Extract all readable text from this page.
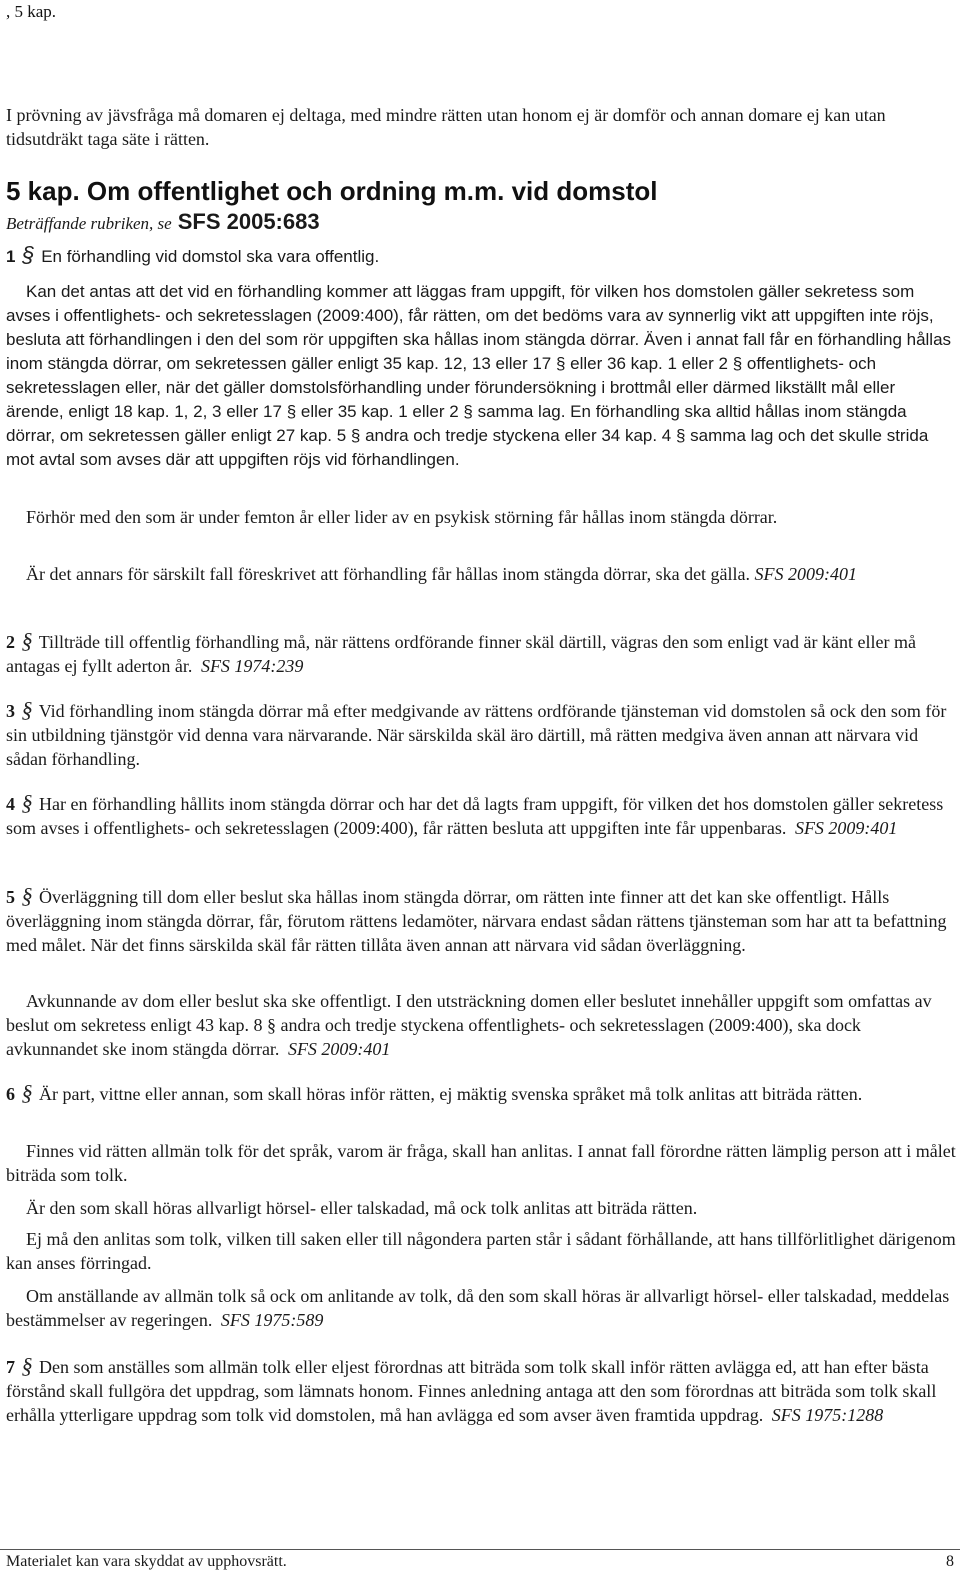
, 5 kap.

I prövning av jävsfråga må domaren ej deltaga, med mindre rätten utan honom ej är domför och annan domare ej kan utan tidsutdräkt taga säte i rätten.

5 kap. Om offentlighet och ordning m.m. vid domstol
Beträffande rubriken, se SFS 2005:683

1 § En förhandling vid domstol ska vara offentlig.

Kan det antas att det vid en förhandling kommer att läggas fram uppgift, för vilken hos domstolen gäller sekretess som avses i offentlighets- och sekretesslagen (2009:400), får rätten, om det bedöms vara av synnerlig vikt att uppgiften inte röjs, besluta att förhandlingen i den del som rör uppgiften ska hållas inom stängda dörrar. Även i annat fall får en förhandling hållas inom stängda dörrar, om sekretessen gäller enligt 35 kap. 12, 13 eller 17 § eller 36 kap. 1 eller 2 § offentlighets- och sekretesslagen eller, när det gäller domstolsförhandling under förundersökning i brottmål eller därmed likställt mål eller ärende, enligt 18 kap. 1, 2, 3 eller 17 § eller 35 kap. 1 eller 2 § samma lag. En förhandling ska alltid hållas inom stängda dörrar, om sekretessen gäller enligt 27 kap. 5 § andra och tredje styckena eller 34 kap. 4 § samma lag och det skulle strida mot avtal som avses där att uppgiften röjs vid förhandlingen.

Förhör med den som är under femton år eller lider av en psykisk störning får hållas inom stängda dörrar.

Är det annars för särskilt fall föreskrivet att förhandling får hållas inom stängda dörrar, ska det gälla. SFS 2009:401

2 § Tillträde till offentlig förhandling må, när rättens ordförande finner skäl därtill, vägras den som enligt vad är känt eller må antagas ej fyllt aderton år. SFS 1974:239

3 § Vid förhandling inom stängda dörrar må efter medgivande av rättens ordförande tjänsteman vid domstolen så ock den som för sin utbildning tjänstgör vid denna vara närvarande. När särskilda skäl äro därtill, må rätten medgiva även annan att närvara vid sådan förhandling.

4 § Har en förhandling hållits inom stängda dörrar och har det då lagts fram uppgift, för vilken det hos domstolen gäller sekretess som avses i offentlighets- och sekretesslagen (2009:400), får rätten besluta att uppgiften inte får uppenbaras. SFS 2009:401

5 § Överläggning till dom eller beslut ska hållas inom stängda dörrar, om rätten inte finner att det kan ske offentligt. Hålls överläggning inom stängda dörrar, får, förutom rättens ledamöter, närvara endast sådan rättens tjänsteman som har att ta befattning med målet. När det finns särskilda skäl får rätten tillåta även annan att närvara vid sådan överläggning.

Avkunnande av dom eller beslut ska ske offentligt. I den utsträckning domen eller beslutet innehåller uppgift som omfattas av beslut om sekretess enligt 43 kap. 8 § andra och tredje styckena offentlighets- och sekretesslagen (2009:400), ska dock avkunnandet ske inom stängda dörrar. SFS 2009:401

6 § Är part, vittne eller annan, som skall höras inför rätten, ej mäktig svenska språket må tolk anlitas att biträda rätten.

Finnes vid rätten allmän tolk för det språk, varom är fråga, skall han anlitas. I annat fall förordne rätten lämplig person att i målet biträda som tolk.

Är den som skall höras allvarligt hörsel- eller talskadad, må ock tolk anlitas att biträda rätten.

Ej må den anlitas som tolk, vilken till saken eller till någondera parten står i sådant förhållande, att hans tillförlitlighet därigenom kan anses förringad.

Om anställande av allmän tolk så ock om anlitande av tolk, då den som skall höras är allvarligt hörsel- eller talskadad, meddelas bestämmelser av regeringen. SFS 1975:589

7 § Den som anställes som allmän tolk eller eljest förordnas att biträda som tolk skall inför rätten avlägga ed, att han efter bästa förstånd skall fullgöra det uppdrag, som lämnats honom. Finnes anledning antaga att den som förordnas att biträda som tolk skall erhålla ytterligare uppdrag som tolk vid domstolen, må han avlägga ed som avser även framtida uppdrag. SFS 1975:1288

Materialet kan vara skyddat av upphovsrätt.	8
